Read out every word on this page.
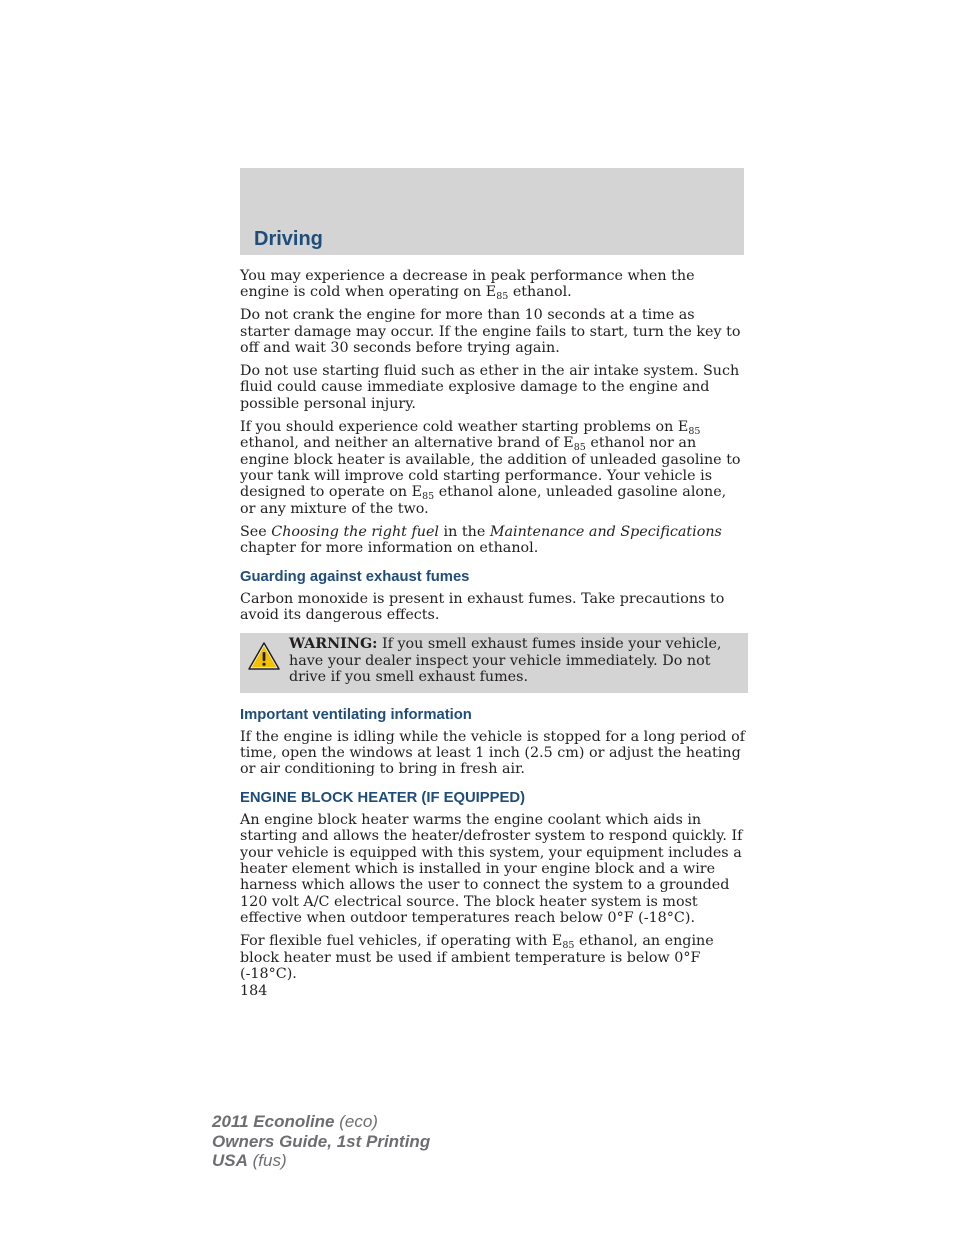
Driving

You may experience a decrease in peak performance when the engine is cold when operating on $E_{85}$ ethanol.

Do not crank the engine for more than 10 seconds at a time as starter damage may occur. If the engine fails to start, turn the key to off and wait 30 seconds before trying again.

Do not use starting fluid such as ether in the air intake system. Such fluid could cause immediate explosive damage to the engine and possible personal injury.

If you should experience cold weather starting problems on $E_{85}$ ethanol, and neither an alternative brand of $E_{85}$ ethanol nor an engine block heater is available, the addition of unleaded gasoline to your tank will improve cold starting performance. Your vehicle is designed to operate on $E_{85}$ ethanol alone, unleaded gasoline alone, or any mixture of the two.

See Choosing the right fuel in the Maintenance and Specifications chapter for more information on ethanol.

Guarding against exhaust fumes

Carbon monoxide is present in exhaust fumes. Take precautions to avoid its dangerous effects.

WARNING: If you smell exhaust fumes inside your vehicle, have your dealer inspect your vehicle immediately. Do not drive if you smell exhaust fumes.
Important ventilating information

If the engine is idling while the vehicle is stopped for a long period of time, open the windows at least 1 inch (2.5 cm) or adjust the heating or air conditioning to bring in fresh air.

ENGINE BLOCK HEATER (IF EQUIPPED)

An engine block heater warms the engine coolant which aids in starting and allows the heater/defroster system to respond quickly. If your vehicle is equipped with this system, your equipment includes a heater element which is installed in your engine block and a wire harness which allows the user to connect the system to a grounded 120 volt A/C electrical source. The block heater system is most effective when outdoor temperatures reach below 0°F (-18°C).

For flexible fuel vehicles, if operating with $E_{85}$ ethanol, an engine block heater must be used if ambient temperature is below 0°F (-18°C).

184
2011 Econoline (eco)
Owners Guide, 1st Printing
USA (fus)
